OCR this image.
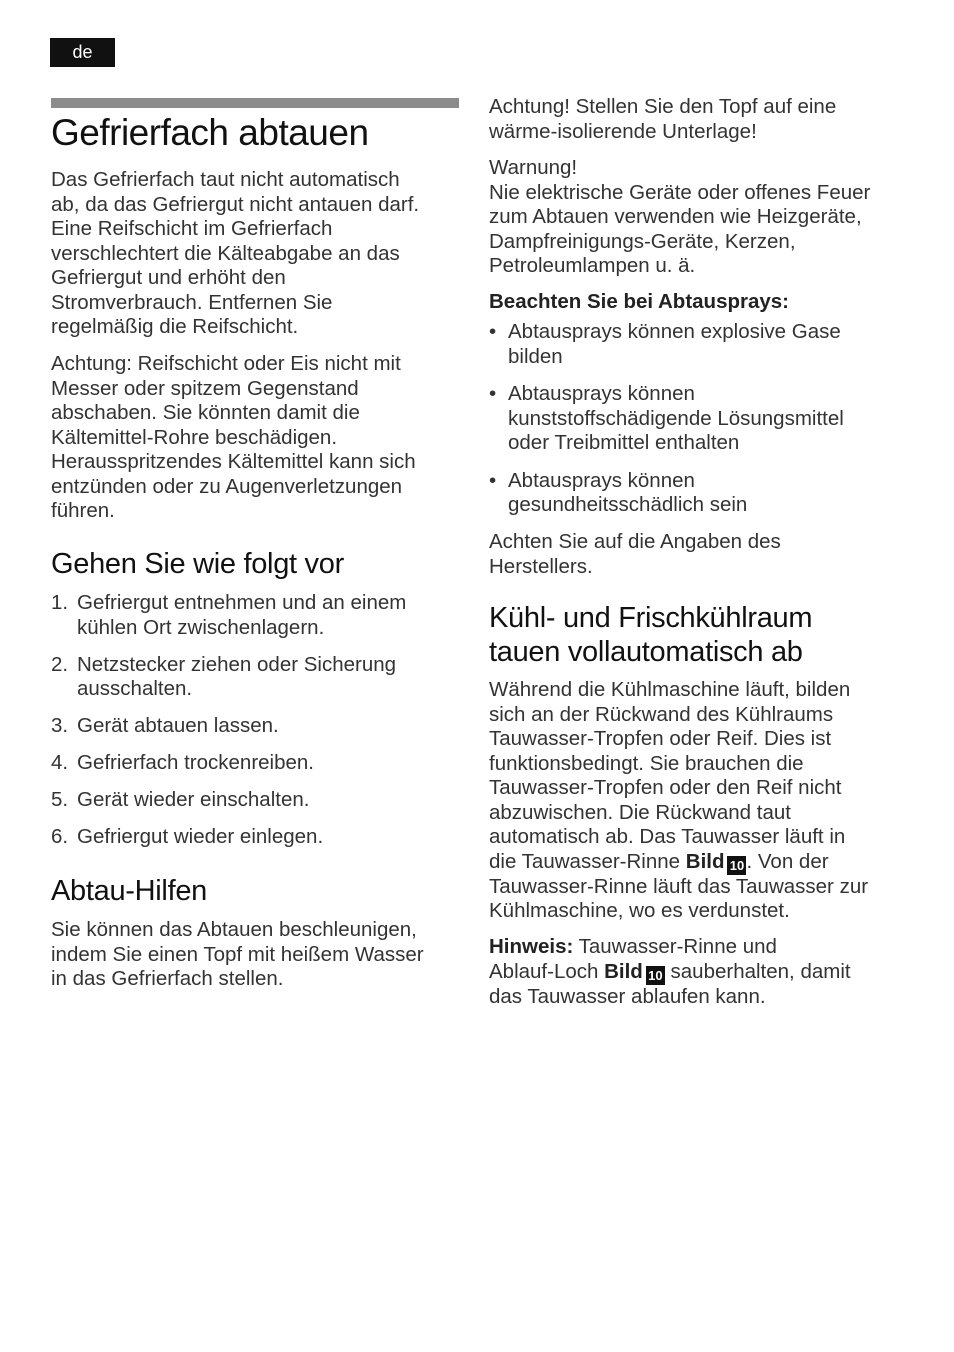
de
Gefrierfach abtauen

Das Gefrierfach taut nicht automatisch

ab, da das Gefriergut nicht antauen darf.

Eine Reifschicht im Gefrierfach

verschlechtert die Kälteabgabe an das

Gefriergut und erhöht den

Stromverbrauch. Entfernen Sie

regelmäßig die Reifschicht.

Achtung: Reifschicht oder Eis nicht mit

Messer oder spitzem Gegenstand

abschaben. Sie könnten damit die

Kältemittel-Rohre beschädigen.

Herausspritzendes Kältemittel kann sich

entzünden oder zu Augenverletzungen

führen.

Gehen Sie wie folgt vor
1. Gefriergut entnehmen und an einem
kühlen Ort zwischenlagern.
2. Netzstecker ziehen oder Sicherung
ausschalten.
3. Gerät abtauen lassen.
4. Gefrierfach trockenreiben.
5. Gerät wieder einschalten.
6. Gefriergut wieder einlegen.
Abtau-Hilfen

Sie können das Abtauen beschleunigen,

indem Sie einen Topf mit heißem Wasser

in das Gefrierfach stellen.

Achtung! Stellen Sie den Topf auf eine

wärme-isolierende Unterlage!

Warnung!

Nie elektrische Geräte oder offenes Feuer

zum Abtauen verwenden wie Heizgeräte,

Dampfreinigungs-Geräte, Kerzen,

Petroleumlampen u. ä.

Beachten Sie bei Abtausprays:

• Abtausprays können explosive Gase
bilden
• Abtausprays können
kunststoffschädigende Lösungsmittel
oder Treibmittel enthalten
• Abtausprays können
gesundheitsschädlich sein

Achten Sie auf die Angaben des

Herstellers.

Kühl- und Frischkühlraum
tauen vollautomatisch ab

Während die Kühlmaschine läuft, bilden

sich an der Rückwand des Kühlraums

Tauwasser-Tropfen oder Reif. Dies ist

funktionsbedingt. Sie brauchen die

Tauwasser-Tropfen oder den Reif nicht

abzuwischen. Die Rückwand taut

automatisch ab. Das Tauwasser läuft in

die Tauwasser-Rinne Bild 10 . Von der

Tauwasser-Rinne läuft das Tauwasser zur

Kühlmaschine, wo es verdunstet.

Hinweis: Tauwasser-Rinne und

Ablauf-Loch Bild 10 sauberhalten, damit

das Tauwasser ablaufen kann.
